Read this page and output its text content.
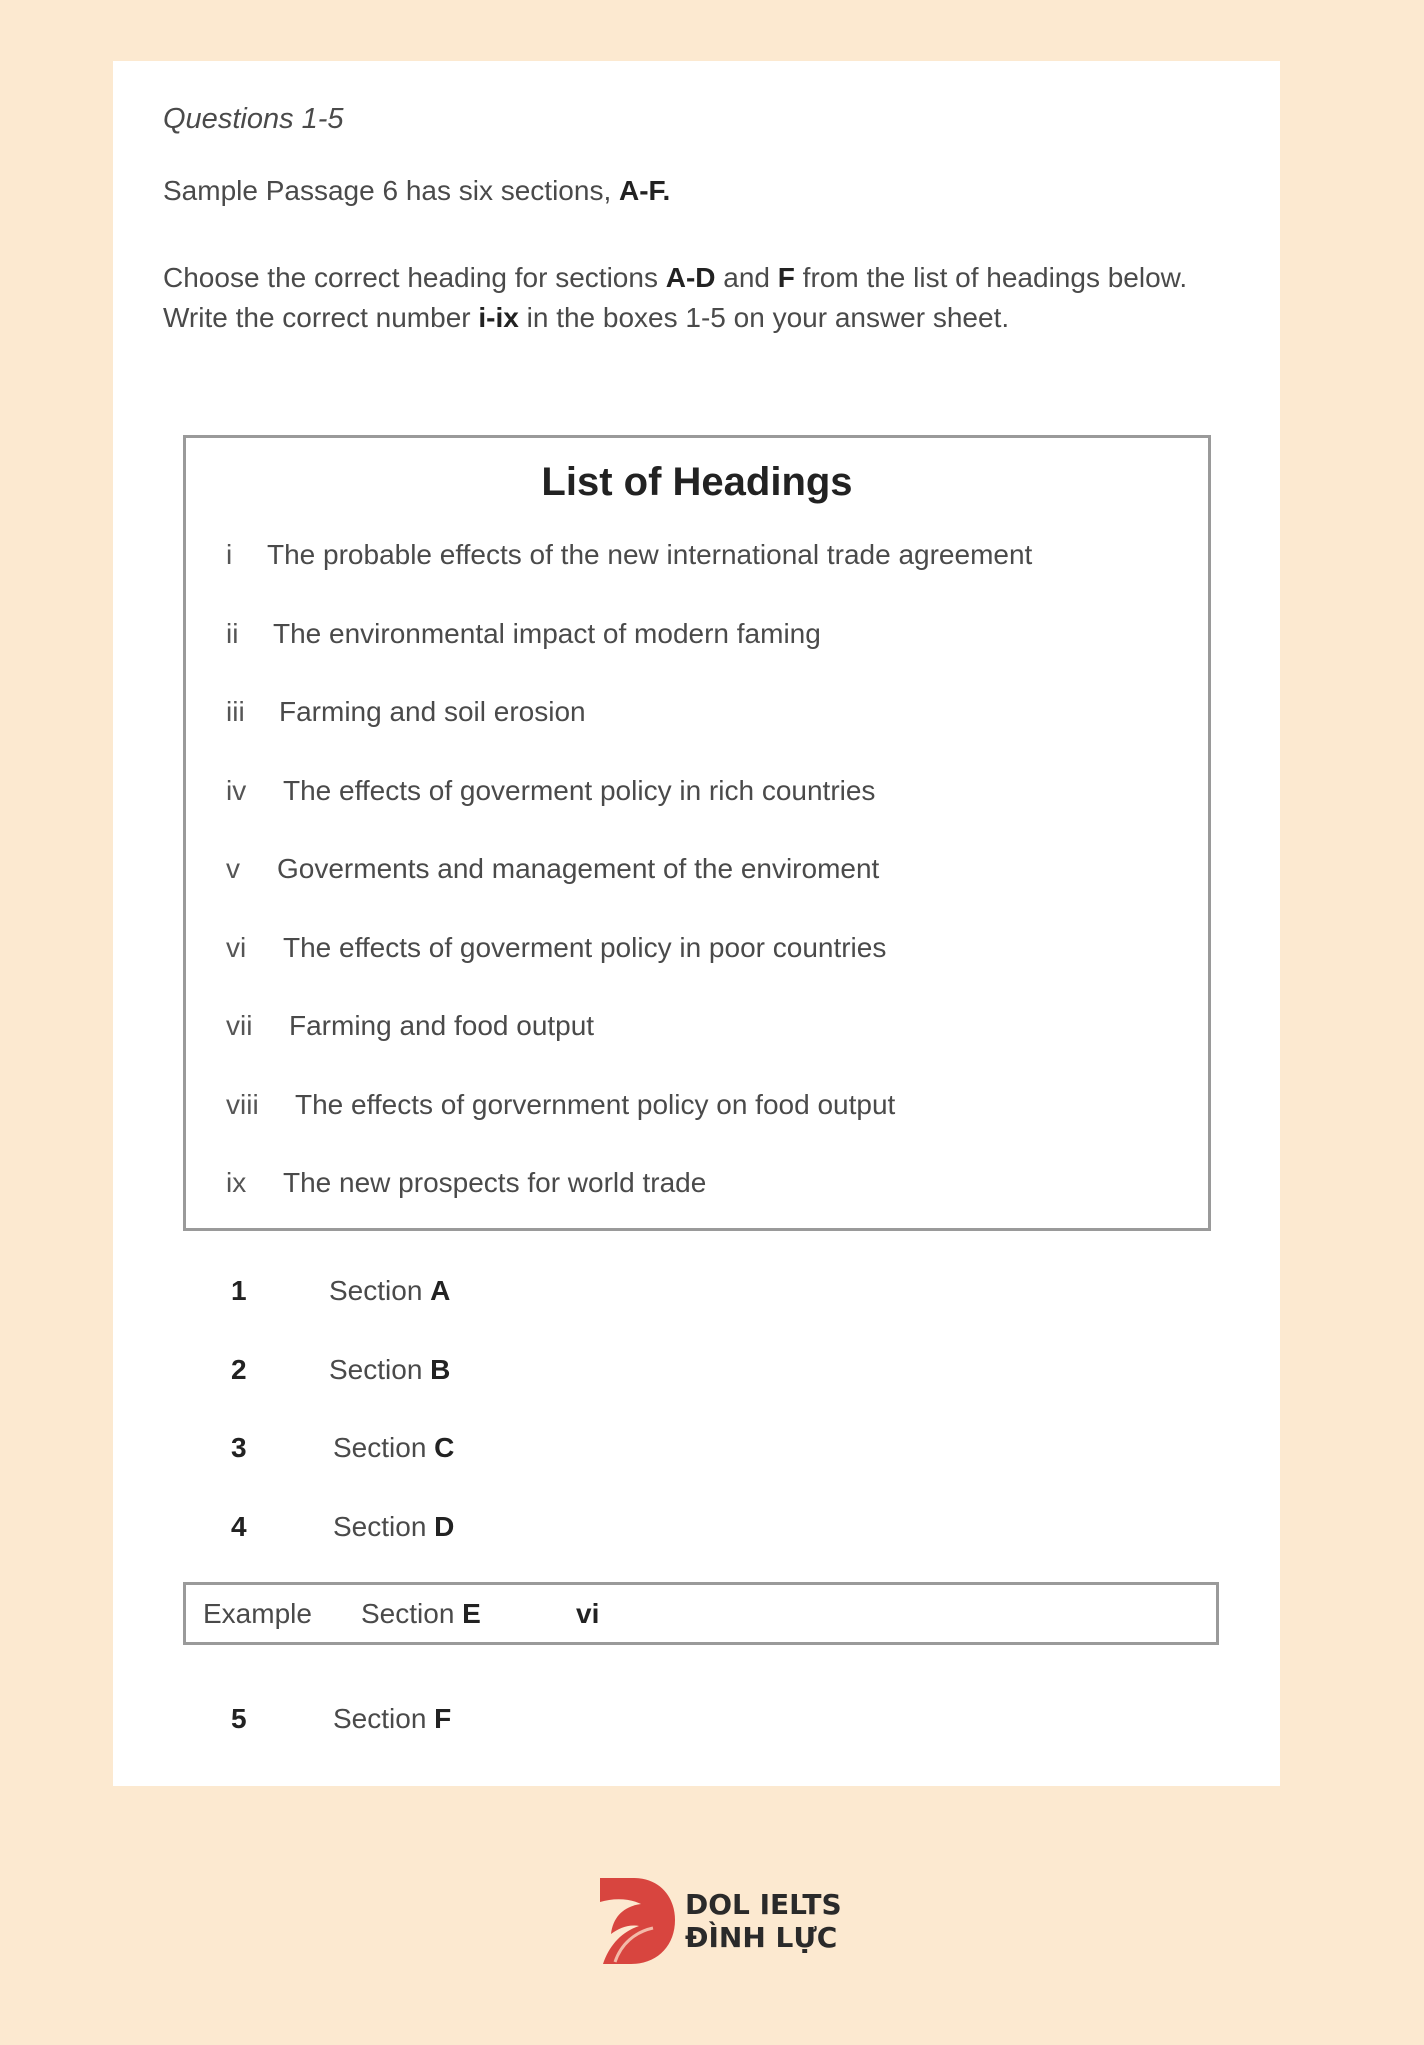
Questions 1-5
Sample Passage 6 has six sections, A-F.
Choose the correct heading for sections A-D and F from the list of headings below. Write the correct number i-ix in the boxes 1-5 on your answer sheet.
List of Headings
i The probable effects of the new international trade agreement
ii The environmental impact of modern faming
iii Farming and soil erosion
iv The effects of goverment policy in rich countries
v Goverments and management of the enviroment
vi The effects of goverment policy in poor countries
vii Farming and food output
viii The effects of gorvernment policy on food output
ix The new prospects for world trade
1	Section A
2	Section B
3	Section C
4	Section D
Example Section E	vi
5	Section F
DOL IELTS
ĐÌNH LỰC
